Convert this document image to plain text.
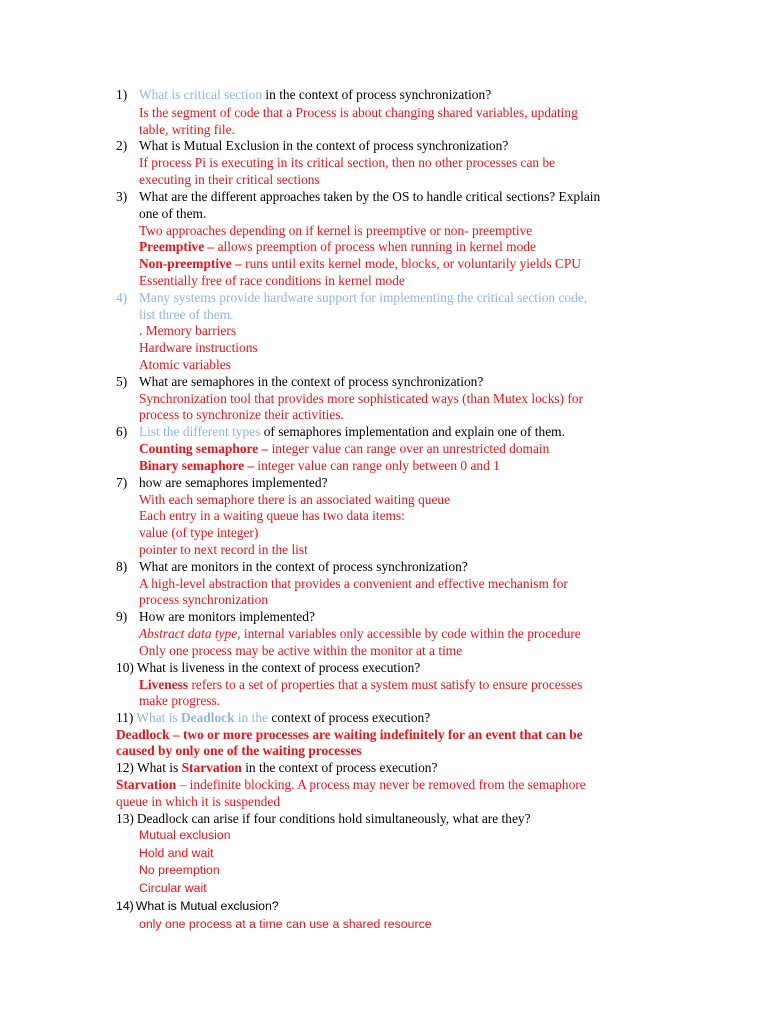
1) What is critical section in the context of process synchronization?
Is the segment of code that a Process is about changing shared variables, updating
table, writing file.
2) What is Mutual Exclusion in the context of process synchronization?
If process Pi is executing in its critical section, then no other processes can be
executing in their critical sections
3) What are the different approaches taken by the OS to handle critical sections? Explain
one of them.
Two approaches depending on if kernel is preemptive or non- preemptive
Preemptive – allows preemption of process when running in kernel mode
Non-preemptive – runs until exits kernel mode, blocks, or voluntarily yields CPU
Essentially free of race conditions in kernel mode
4) Many systems provide hardware support for implementing the critical section code,
list three of them.
. Memory barriers
Hardware instructions
Atomic variables
5) What are semaphores in the context of process synchronization?
Synchronization tool that provides more sophisticated ways (than Mutex locks) for
process to synchronize their activities.
6) List the different types of semaphores implementation and explain one of them.
Counting semaphore – integer value can range over an unrestricted domain
Binary semaphore – integer value can range only between 0 and 1
7) how are semaphores implemented?
With each semaphore there is an associated waiting queue
Each entry in a waiting queue has two data items:
value (of type integer)
pointer to next record in the list
8) What are monitors in the context of process synchronization?
A high-level abstraction that provides a convenient and effective mechanism for
process synchronization
9) How are monitors implemented?
Abstract data type, internal variables only accessible by code within the procedure
Only one process may be active within the monitor at a time
10) What is liveness in the context of process execution?
Liveness refers to a set of properties that a system must satisfy to ensure processes
make progress.
11) What is Deadlock in the context of process execution?
Deadlock – two or more processes are waiting indefinitely for an event that can be
caused by only one of the waiting processes
12) What is Starvation in the context of process execution?
Starvation – indefinite blocking. A process may never be removed from the semaphore
queue in which it is suspended
13) Deadlock can arise if four conditions hold simultaneously, what are they?
Mutual exclusion
Hold and wait
No preemption
Circular wait
14) What is Mutual exclusion?
only one process at a time can use a shared resource
